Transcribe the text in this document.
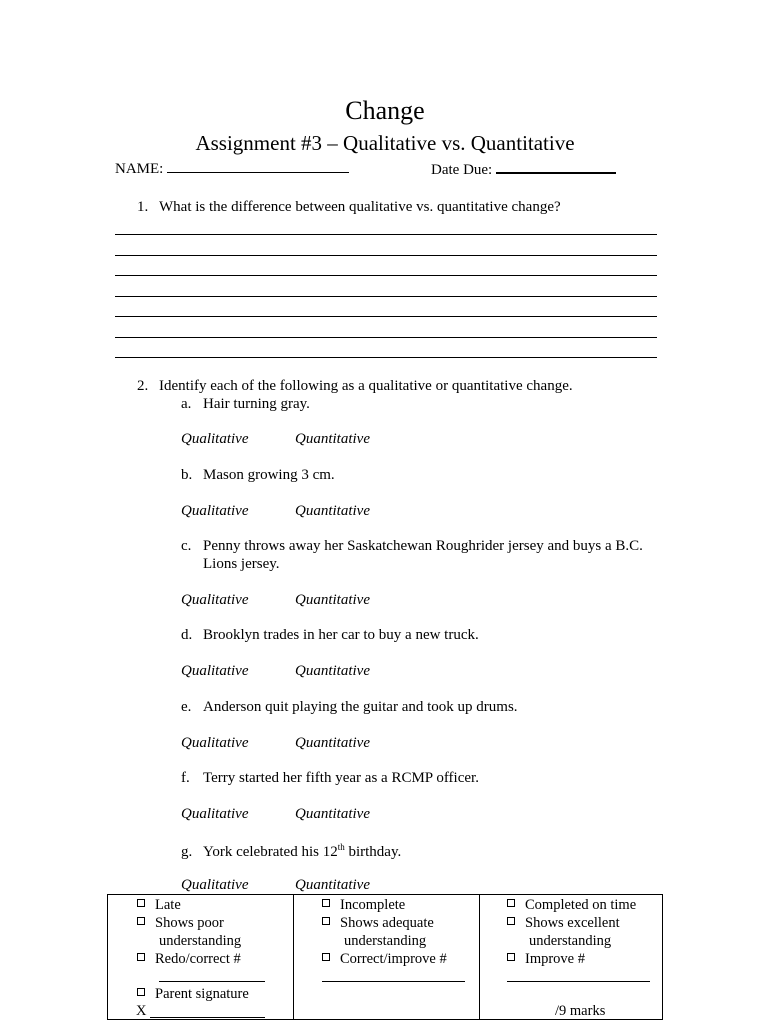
Change
Assignment #3 – Qualitative vs. Quantitative
NAME:	Date Due:
1. What is the difference between qualitative vs. quantitative change?
2. Identify each of the following as a qualitative or quantitative change.
a. Hair turning gray.
Qualitative	Quantitative
b. Mason growing 3 cm.
Qualitative	Quantitative
c. Penny throws away her Saskatchewan Roughrider jersey and buys a B.C.
Lions jersey.
Qualitative	Quantitative
d. Brooklyn trades in her car to buy a new truck.
Qualitative	Quantitative
e. Anderson quit playing the guitar and took up drums.
Qualitative	Quantitative
f. Terry started her fifth year as a RCMP officer.
Qualitative	Quantitative
g. York celebrated his 12th birthday.
Qualitative	Quantitative
Late
Shows poor
understanding
Redo/correct #
Parent signature
X
Incomplete
Shows adequate
understanding
Correct/improve #
Completed on time
Shows excellent
understanding
Improve #
/9 marks
